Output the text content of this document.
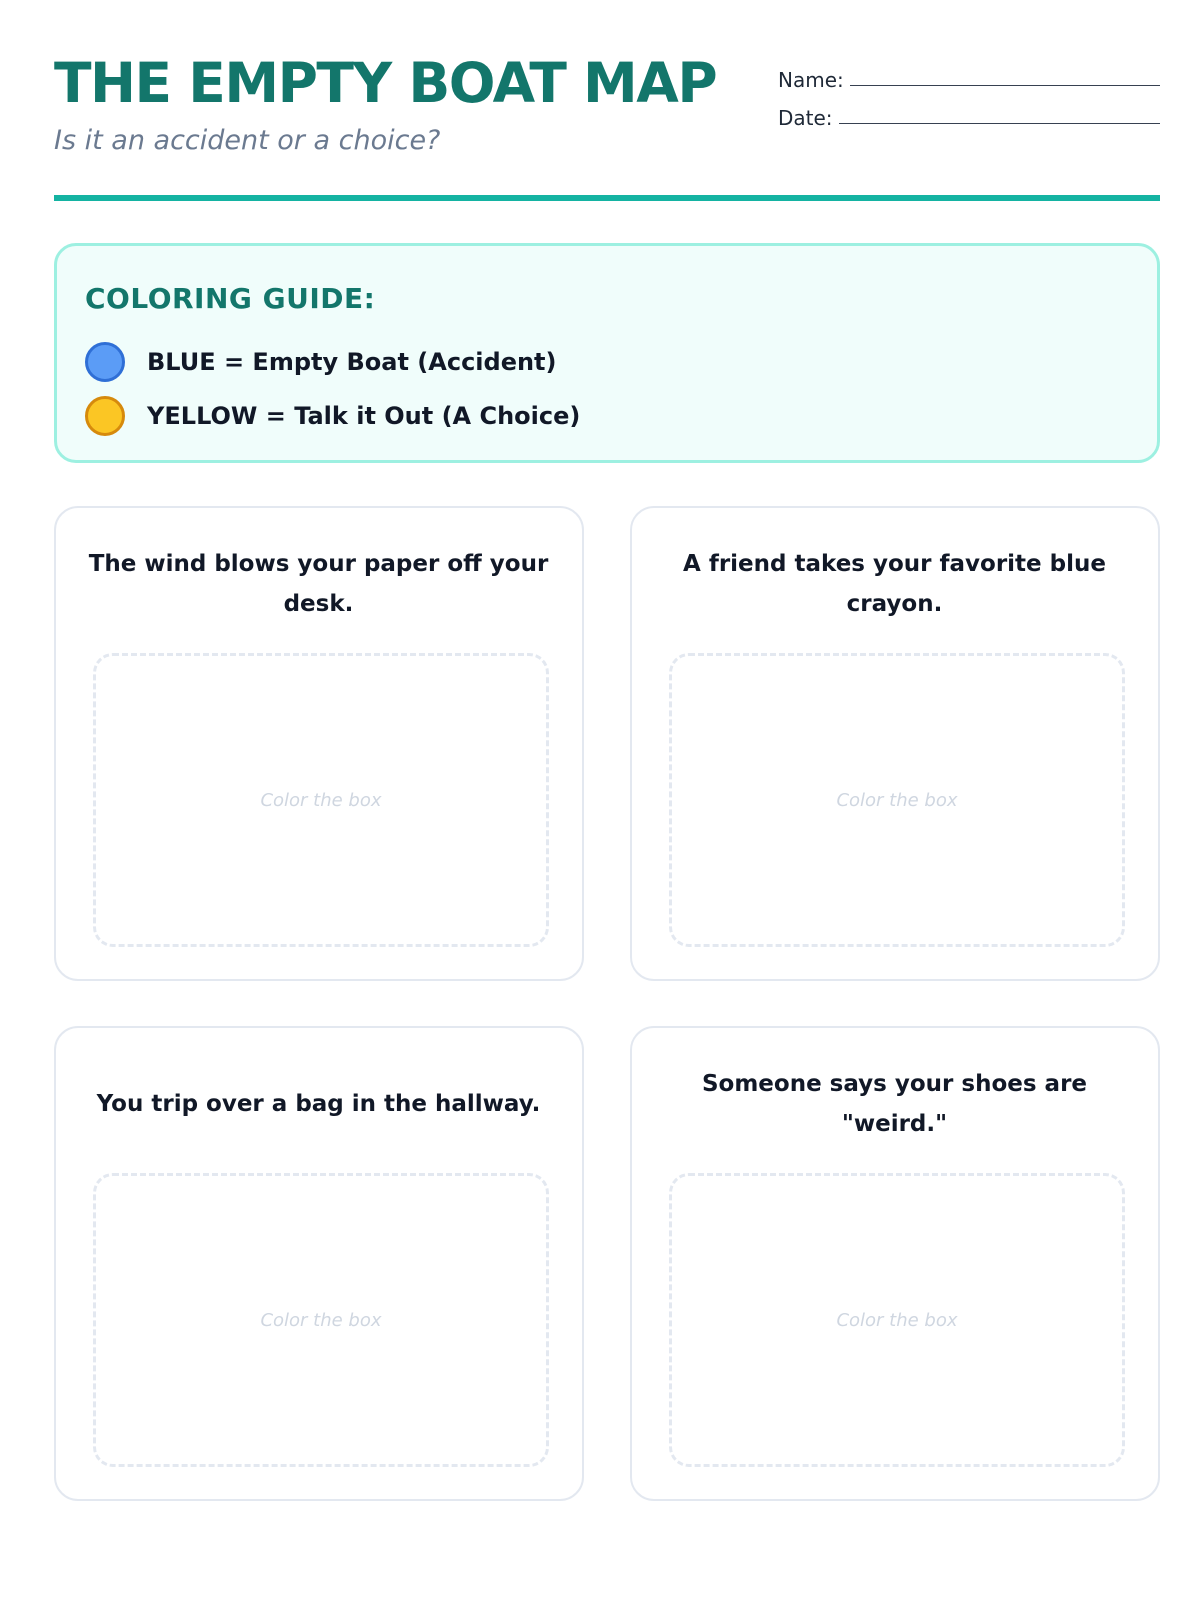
THE EMPTY BOAT MAP
Is it an accident or a choice?
Name:
Date:
COLORING GUIDE:
BLUE = Empty Boat (Accident)
YELLOW = Talk it Out (A Choice)
The wind blows your paper off your desk.
Color the box
A friend takes your favorite blue crayon.
Color the box
You trip over a bag in the hallway.
Color the box
Someone says your shoes are "weird."
Color the box
